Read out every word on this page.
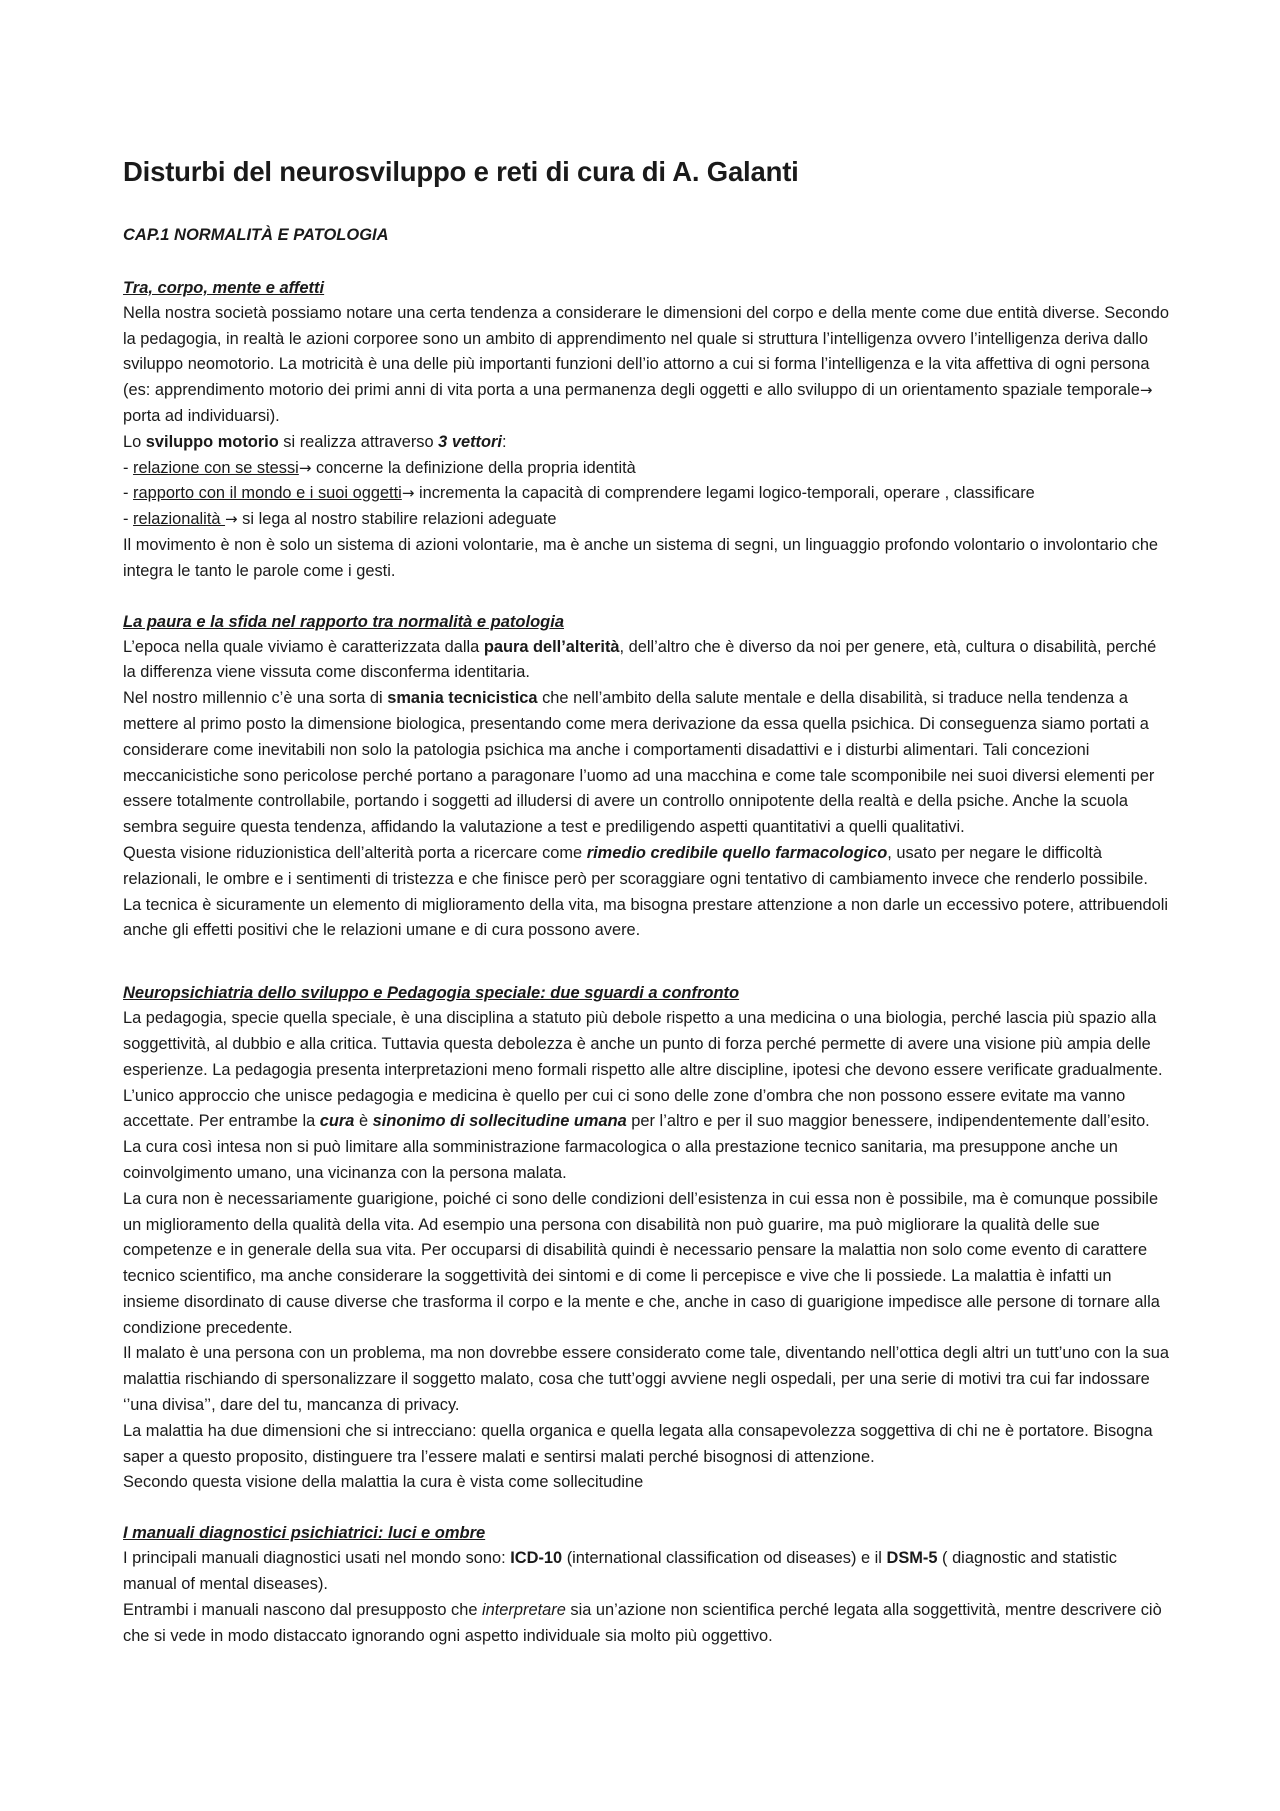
Disturbi del neurosviluppo e reti di cura di A. Galanti
CAP.1 NORMALITÀ E PATOLOGIA
Tra, corpo, mente e affetti

Nella nostra società possiamo notare una certa tendenza a considerare le dimensioni del corpo e della mente come due entità diverse. Secondo la pedagogia, in realtà le azioni corporee sono un ambito di apprendimento nel quale si struttura l’intelligenza ovvero l’intelligenza deriva dallo sviluppo neomotorio. La motricità è una delle più importanti funzioni dell’io attorno a cui si forma l’intelligenza e la vita affettiva di ogni persona (es: apprendimento motorio dei primi anni di vita porta a una permanenza degli oggetti e allo sviluppo di un orientamento spaziale temporale→ porta ad individuarsi).

Lo sviluppo motorio si realizza attraverso 3 vettori:

- relazione con se stessi→ concerne la definizione della propria identità

- rapporto con il mondo e i suoi oggetti→ incrementa la capacità di comprendere legami logico-temporali, operare , classificare

- relazionalità → si lega al nostro stabilire relazioni adeguate

Il movimento è non è solo un sistema di azioni volontarie, ma è anche un sistema di segni, un linguaggio profondo volontario o involontario che integra le tanto le parole come i gesti.

La paura e la sfida nel rapporto tra normalità e patologia

L’epoca nella quale viviamo è caratterizzata dalla paura dell’alterità, dell’altro che è diverso da noi per genere, età, cultura o disabilità, perché la differenza viene vissuta come disconferma identitaria.

Nel nostro millennio c’è una sorta di smania tecnicistica che nell’ambito della salute mentale e della disabilità, si traduce nella tendenza a mettere al primo posto la dimensione biologica, presentando come mera derivazione da essa quella psichica. Di conseguenza siamo portati a considerare come inevitabili non solo la patologia psichica ma anche i comportamenti disadattivi e i disturbi alimentari. Tali concezioni meccanicistiche sono pericolose perché portano a paragonare l’uomo ad una macchina e come tale scomponibile nei suoi diversi elementi per essere totalmente controllabile, portando i soggetti ad illudersi di avere un controllo onnipotente della realtà e della psiche. Anche la scuola sembra seguire questa tendenza, affidando la valutazione a test e prediligendo aspetti quantitativi a quelli qualitativi.

Questa visione riduzionistica dell’alterità porta a ricercare come rimedio credibile quello farmacologico, usato per negare le difficoltà relazionali, le ombre e i sentimenti di tristezza e che finisce però per scoraggiare ogni tentativo di cambiamento invece che renderlo possibile.

La tecnica è sicuramente un elemento di miglioramento della vita, ma bisogna prestare attenzione a non darle un eccessivo potere, attribuendoli anche gli effetti positivi che le relazioni umane e di cura possono avere.

Neuropsichiatria dello sviluppo e Pedagogia speciale: due sguardi a confronto

La pedagogia, specie quella speciale, è una disciplina a statuto più debole rispetto a una medicina o una biologia, perché lascia più spazio alla soggettività, al dubbio e alla critica. Tuttavia questa debolezza è anche un punto di forza perché permette di avere una visione più ampia delle esperienze. La pedagogia presenta interpretazioni meno formali rispetto alle altre discipline, ipotesi che devono essere verificate gradualmente.

L’unico approccio che unisce pedagogia e medicina è quello per cui ci sono delle zone d’ombra che non possono essere evitate ma vanno accettate. Per entrambe la cura è sinonimo di sollecitudine umana per l’altro e per il suo maggior benessere, indipendentemente dall’esito. La cura così intesa non si può limitare alla somministrazione farmacologica o alla prestazione tecnico sanitaria, ma presuppone anche un coinvolgimento umano, una vicinanza con la persona malata.

La cura non è necessariamente guarigione, poiché ci sono delle condizioni dell’esistenza in cui essa non è possibile, ma è comunque possibile un miglioramento della qualità della vita. Ad esempio una persona con disabilità non può guarire, ma può migliorare la qualità delle sue competenze e in generale della sua vita. Per occuparsi di disabilità quindi è necessario pensare la malattia non solo come evento di carattere tecnico scientifico, ma anche considerare la soggettività dei sintomi e di come li percepisce e vive che li possiede. La malattia è infatti un insieme disordinato di cause diverse che trasforma il corpo e la mente e che, anche in caso di guarigione impedisce alle persone di tornare alla condizione precedente.

Il malato è una persona con un problema, ma non dovrebbe essere considerato come tale, diventando nell’ottica degli altri un tutt’uno con la sua malattia rischiando di spersonalizzare il soggetto malato, cosa che tutt’oggi avviene negli ospedali, per una serie di motivi tra cui far indossare ‘’una divisa’’, dare del tu, mancanza di privacy.

La malattia ha due dimensioni che si intrecciano: quella organica e quella legata alla consapevolezza soggettiva di chi ne è portatore. Bisogna saper a questo proposito, distinguere tra l’essere malati e sentirsi malati perché bisognosi di attenzione.

Secondo questa visione della malattia la cura è vista come sollecitudine

I manuali diagnostici psichiatrici: luci e ombre

I principali manuali diagnostici usati nel mondo sono: ICD-10 (international classification od diseases) e il DSM-5 ( diagnostic and statistic manual of mental diseases).

Entrambi i manuali nascono dal presupposto che interpretare sia un’azione non scientifica perché legata alla soggettività, mentre descrivere ciò che si vede in modo distaccato ignorando ogni aspetto individuale sia molto più oggettivo.
